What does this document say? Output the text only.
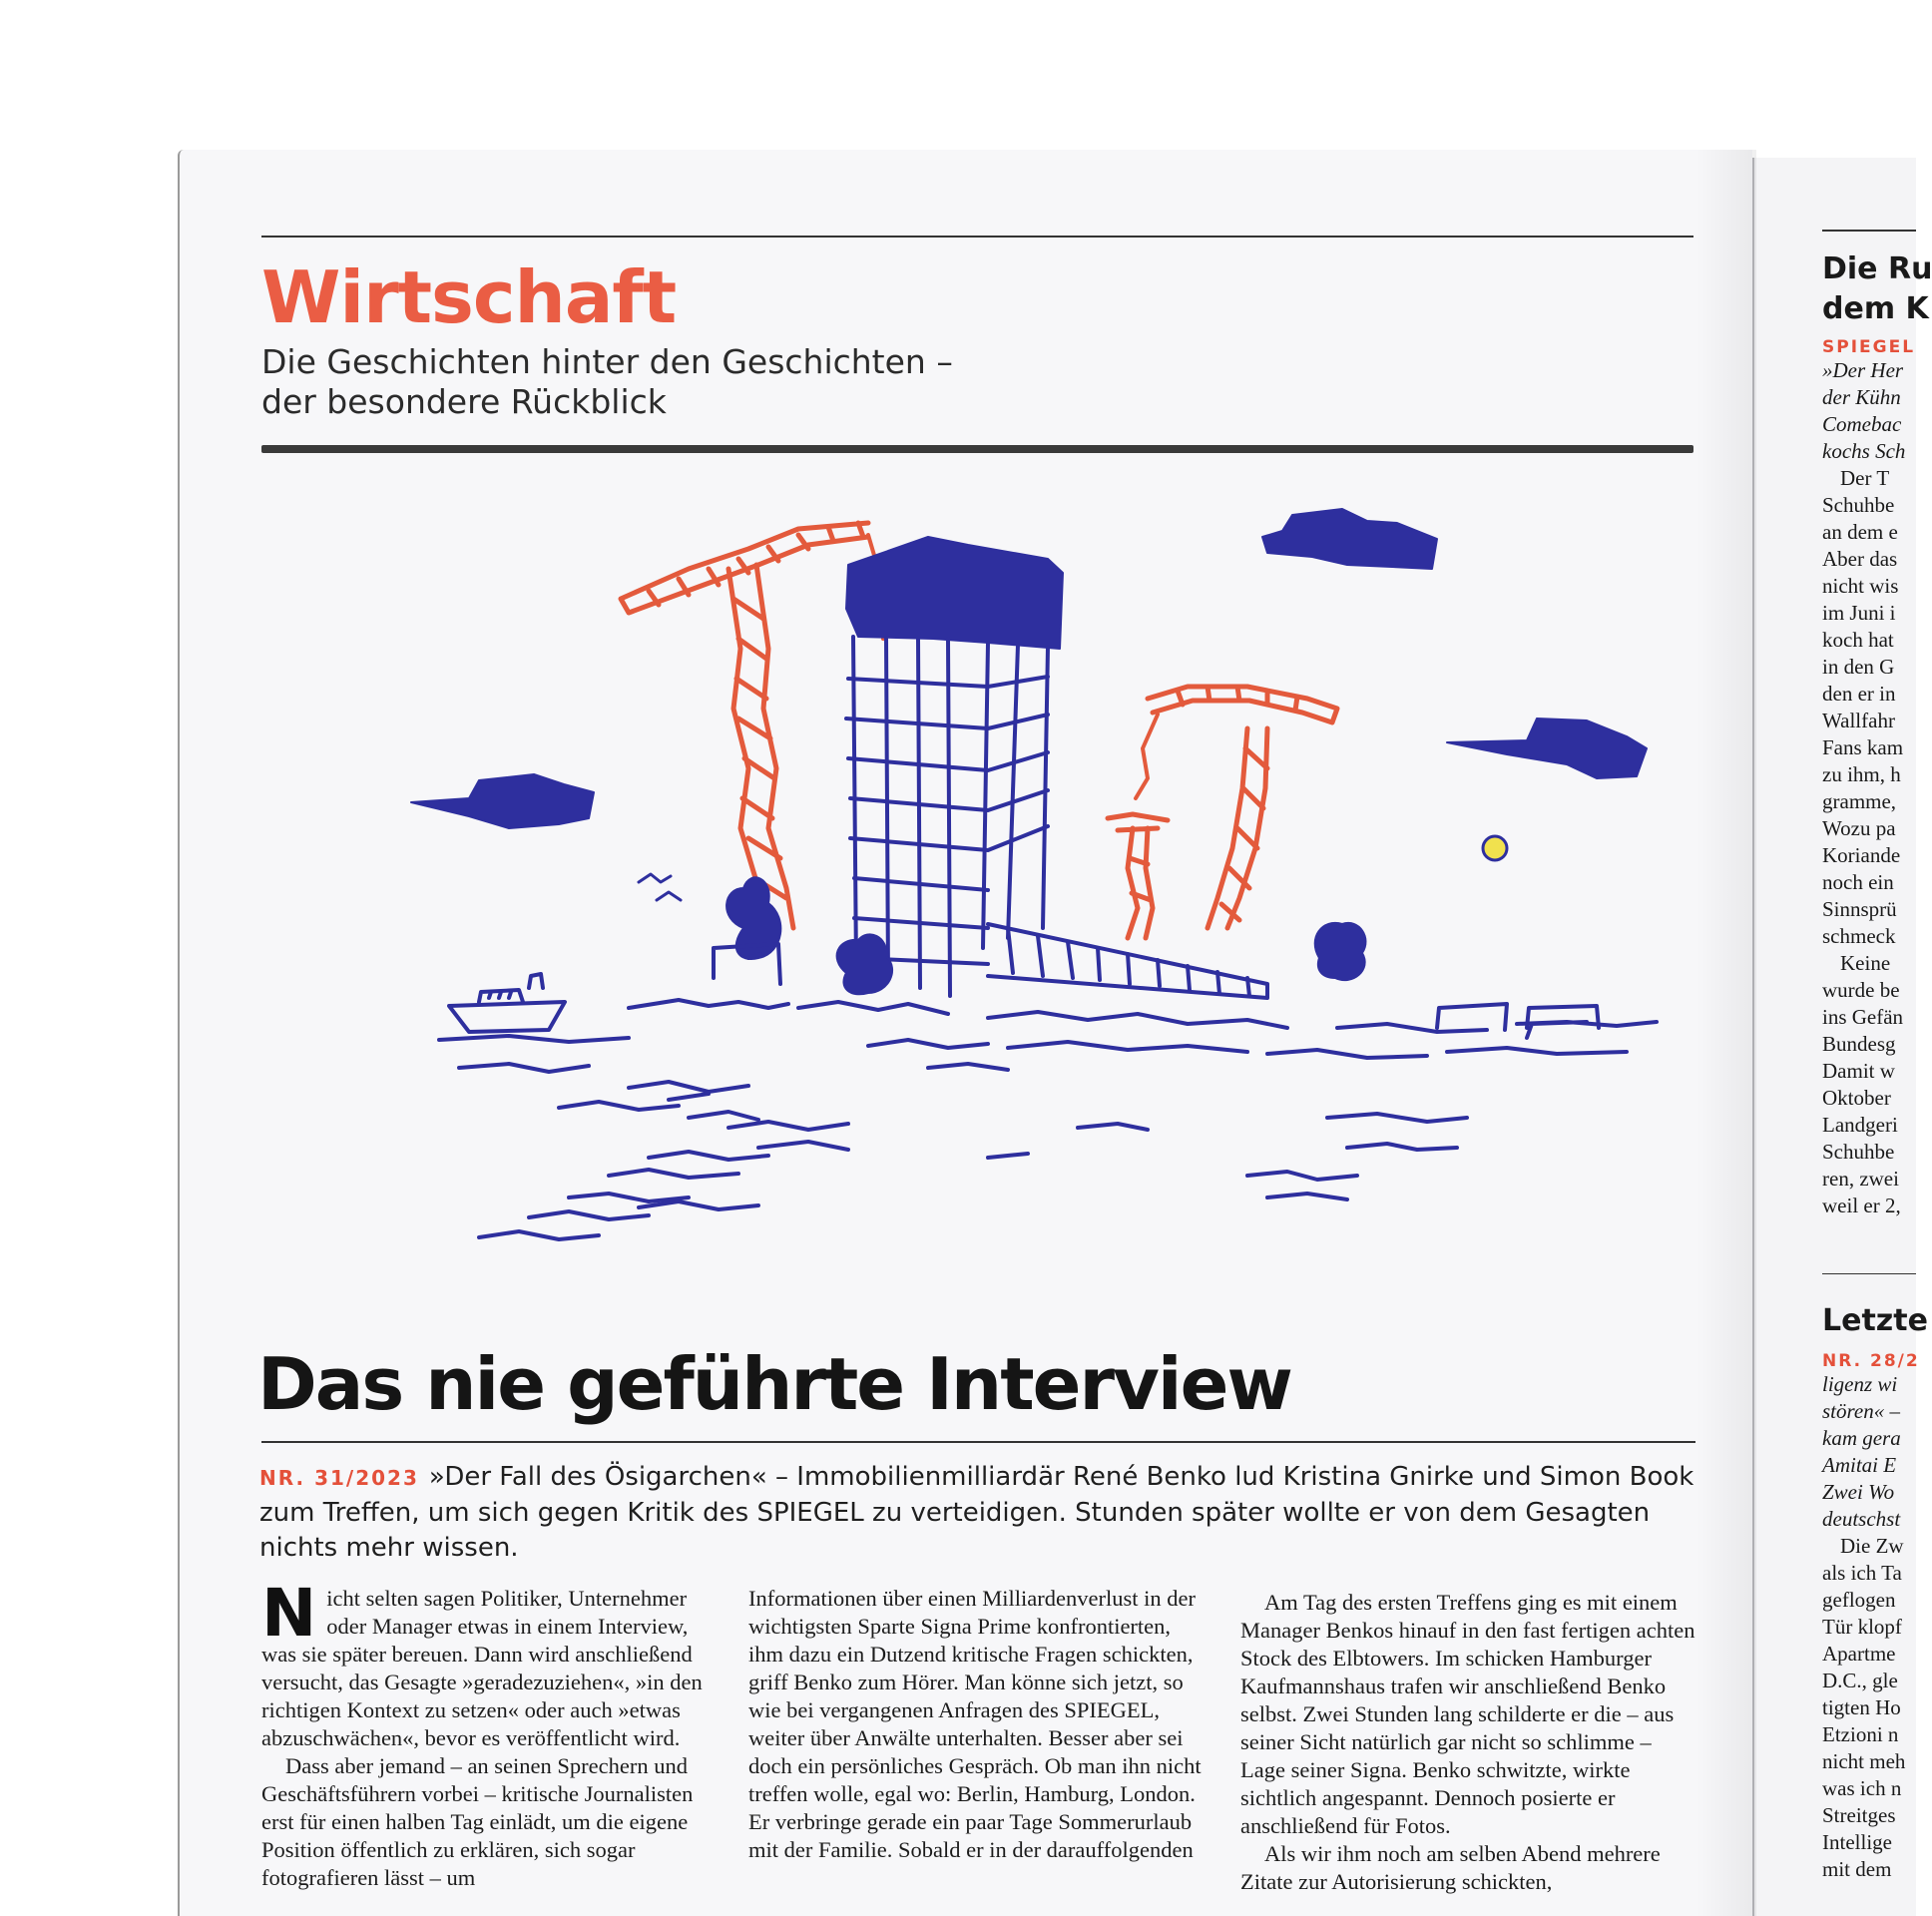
Wirtschaft
Die Geschichten hinter den Geschichten –
der besondere Rückblick
Das nie geführte Interview
NR. 31/2023 »Der Fall des Ösigarchen« – Immobilienmilliardär René Benko lud Kristina Gnirke und Simon Book zum Treffen, um sich gegen Kritik des SPIEGEL zu verteidigen. Stunden später wollte er von dem Gesagten nichts mehr wissen.

Nicht selten sagen Politiker, Unternehmer oder Manager etwas in einem Interview, was sie später bereuen. Dann wird anschließend versucht, das Gesagte »geradezuziehen«, »in den richtigen Kontext zu setzen« oder auch »etwas abzuschwächen«, bevor es veröffentlicht wird.

Dass aber jemand – an seinen Sprechern und Geschäftsführern vorbei – kritische Journalisten erst für einen halben Tag einlädt, um die eigene Position öffentlich zu erklären, sich sogar fotografieren lässt – um

Informationen über einen Milliardenverlust in der wichtigsten Sparte Signa Prime konfrontierten, ihm dazu ein Dutzend kritische Fragen schickten, griff Benko zum Hörer. Man könne sich jetzt, so wie bei vergangenen Anfragen des SPIEGEL, weiter über Anwälte unterhalten. Besser aber sei doch ein persönliches Gespräch. Ob man ihn nicht treffen wolle, egal wo: Berlin, Hamburg, London. Er verbringe gerade ein paar Tage Sommerurlaub mit der Familie. Sobald er in der darauffolgenden

Am Tag des ersten Treffens ging es mit einem Manager Benkos hinauf in den fast fertigen achten Stock des Elbtowers. Im schicken Hamburger Kaufmannshaus trafen wir anschließend Benko selbst. Zwei Stunden lang schilderte er die – aus seiner Sicht natürlich gar nicht so schlimme – Lage seiner Signa. Benko schwitzte, wirkte sichtlich angespannt. Dennoch posierte er anschließend für Fotos.

Als wir ihm noch am selben Abend mehrere Zitate zur Autorisierung schickten,

Die Ru
dem K
SPIEGEL
»Der Her
der Kühn
Comebac
kochs Sch
Der T
Schuhbe
an dem e
Aber das
nicht wis
im Juni i
koch hat
in den G
den er in
Wallfahr
Fans kam
zu ihm, h
gramme,
Wozu pa
Koriande
noch ein
Sinnsprü
schmeck
Keine
wurde be
ins Gefän
Bundesg
Damit w
Oktober
Landgeri
Schuhbe
ren, zwei
weil er 2,
Letzte
NR. 28/2
ligenz wi
stören« –
kam gera
Amitai E
Zwei Wo
deutschst
Die Zw
als ich Ta
geflogen
Tür klopf
Apartme
D.C., gle
tigten Ho
Etzioni n
nicht meh
was ich n
Streitges
Intellige
mit dem
